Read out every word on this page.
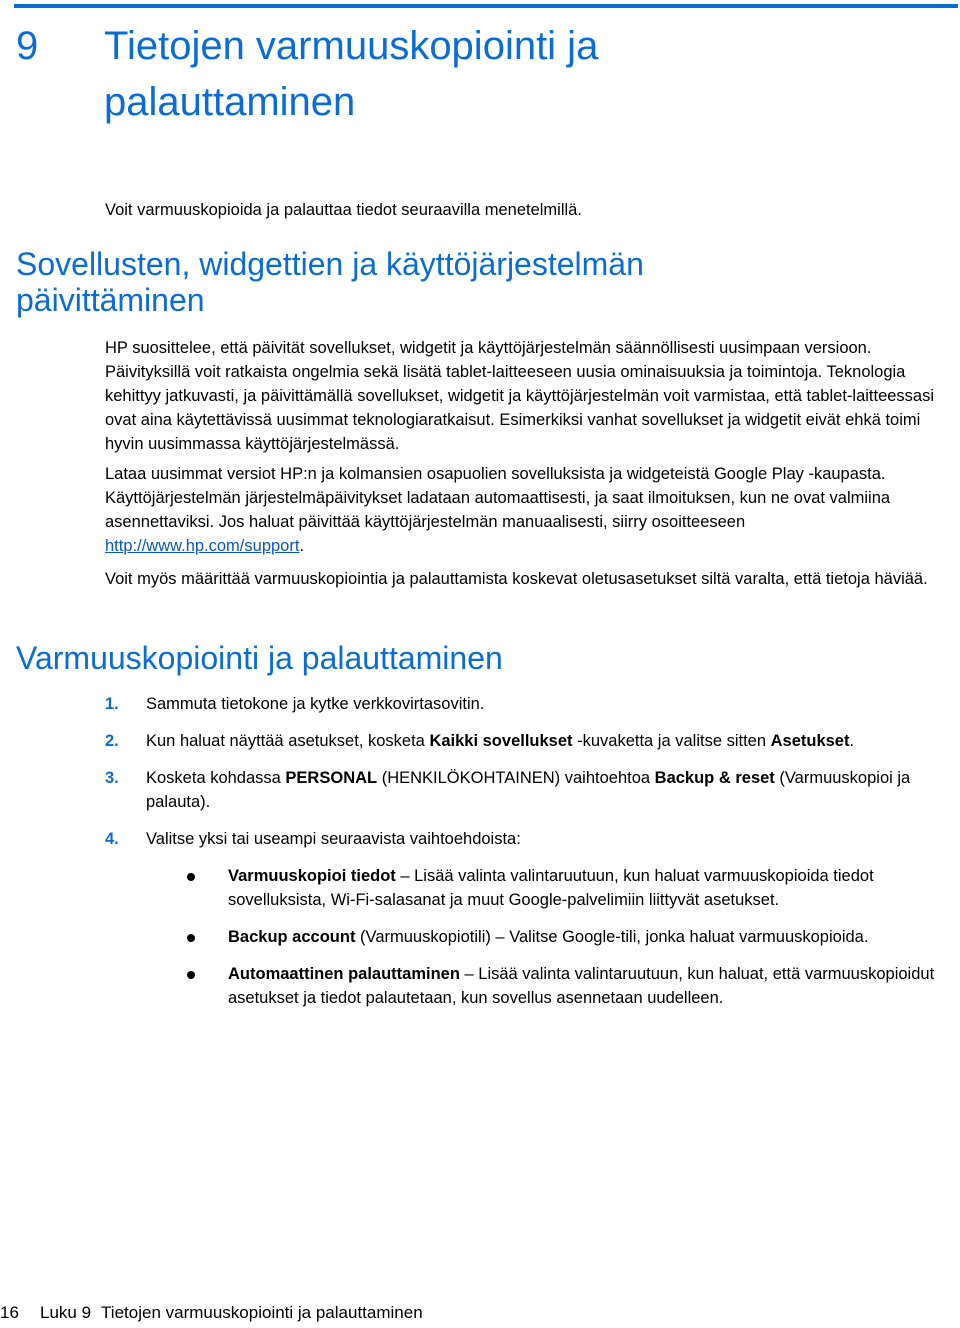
9	Tietojen varmuuskopiointi ja palauttaminen
Voit varmuuskopioida ja palauttaa tiedot seuraavilla menetelmillä.
Sovellusten, widgettien ja käyttöjärjestelmän päivittäminen

HP suosittelee, että päivität sovellukset, widgetit ja käyttöjärjestelmän säännöllisesti uusimpaan versioon. Päivityksillä voit ratkaista ongelmia sekä lisätä tablet-laitteeseen uusia ominaisuuksia ja toimintoja. Teknologia kehittyy jatkuvasti, ja päivittämällä sovellukset, widgetit ja käyttöjärjestelmän voit varmistaa, että tablet-laitteessasi ovat aina käytettävissä uusimmat teknologiaratkaisut. Esimerkiksi vanhat sovellukset ja widgetit eivät ehkä toimi hyvin uusimmassa käyttöjärjestelmässä.

Lataa uusimmat versiot HP:n ja kolmansien osapuolien sovelluksista ja widgeteistä Google Play -kaupasta. Käyttöjärjestelmän järjestelmäpäivitykset ladataan automaattisesti, ja saat ilmoituksen, kun ne ovat valmiina asennettaviksi. Jos haluat päivittää käyttöjärjestelmän manuaalisesti, siirry osoitteeseen http://www.hp.com/support.

Voit myös määrittää varmuuskopiointia ja palauttamista koskevat oletusasetukset siltä varalta, että tietoja häviää.

Varmuuskopiointi ja palauttaminen
1. Sammuta tietokone ja kytke verkkovirtasovitin.
2. Kun haluat näyttää asetukset, kosketa Kaikki sovellukset -kuvaketta ja valitse sitten Asetukset.
3. Kosketa kohdassa PERSONAL (HENKILÖKOHTAINEN) vaihtoehtoa Backup & reset (Varmuuskopioi ja palauta).
4. Valitse yksi tai useampi seuraavista vaihtoehdoista:
Varmuuskopioi tiedot – Lisää valinta valintaruutuun, kun haluat varmuuskopioida tiedot sovelluksista, Wi-Fi-salasanat ja muut Google-palvelimiin liittyvät asetukset.
Backup account (Varmuuskopiotili) – Valitse Google-tili, jonka haluat varmuuskopioida.
Automaattinen palauttaminen – Lisää valinta valintaruutuun, kun haluat, että varmuuskopioidut asetukset ja tiedot palautetaan, kun sovellus asennetaan uudelleen.
16 Luku 9 Tietojen varmuuskopiointi ja palauttaminen
